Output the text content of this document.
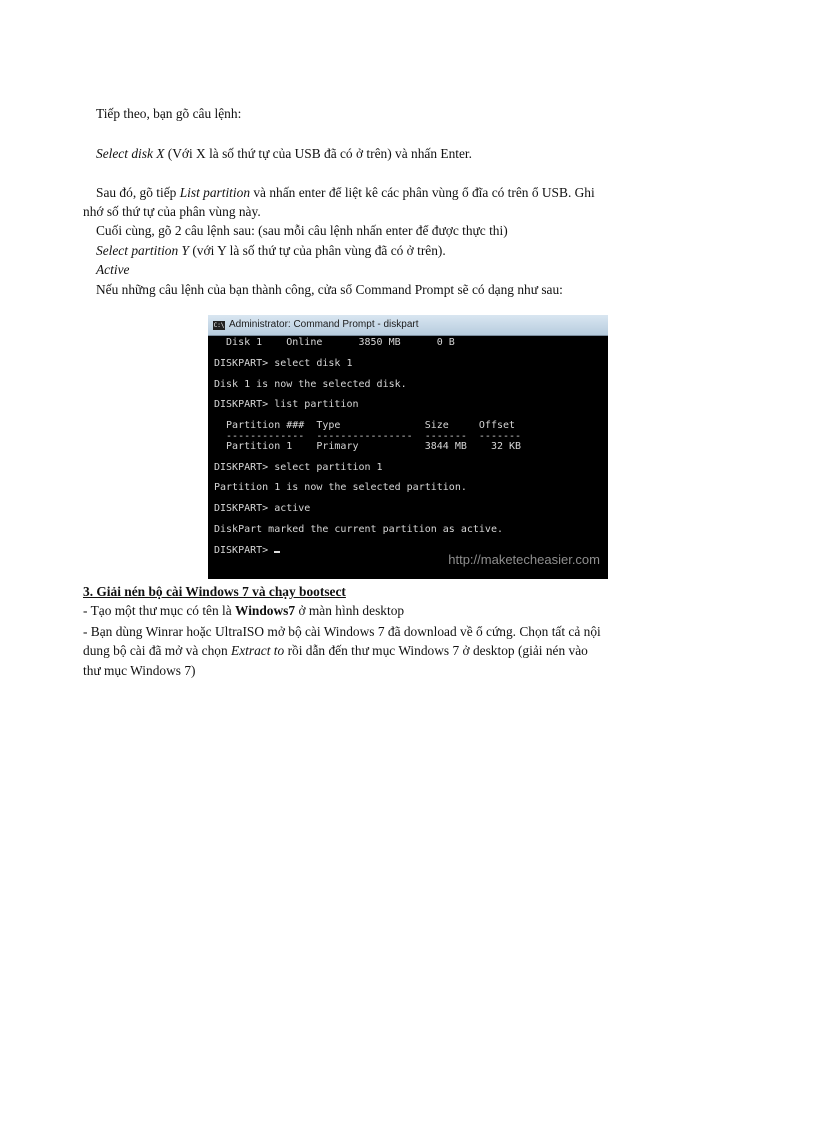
Tiếp theo, bạn gõ câu lệnh:
Select disk X (Với X là số thứ tự của USB đã có ở trên) và nhấn Enter.
Sau đó, gõ tiếp List partition và nhấn enter để liệt kê các phân vùng ổ đĩa có trên ổ USB. Ghi
nhớ số thứ tự của phân vùng này.
Cuối cùng, gõ 2 câu lệnh sau: (sau mỗi câu lệnh nhấn enter để được thực thi)
Select partition Y (với Y là số thứ tự của phân vùng đã có ở trên).
Active
Nếu những câu lệnh của bạn thành công, cửa sổ Command Prompt sẽ có dạng như sau:
C:\ Administrator: Command Prompt - diskpart
Disk 1    Online      3850 MB      0 B
DISKPART> select disk 1
Disk 1 is now the selected disk.
DISKPART> list partition
Partition ###  Type              Size     Offset
-------------  ----------------  -------  -------
Partition 1    Primary           3844 MB    32 KB
DISKPART> select partition 1
Partition 1 is now the selected partition.
DISKPART> active
DiskPart marked the current partition as active.
DISKPART>
http://maketecheasier.com
3. Giải nén bộ cài Windows 7 và chạy bootsect
- Tạo một thư mục có tên là Windows7 ở màn hình desktop
- Bạn dùng Winrar hoặc UltraISO mở bộ cài Windows 7 đã download về ổ cứng. Chọn tất cả nội
dung bộ cài đã mở và chọn Extract to rồi dẫn đến thư mục Windows 7 ở desktop (giải nén vào
thư mục Windows 7)
